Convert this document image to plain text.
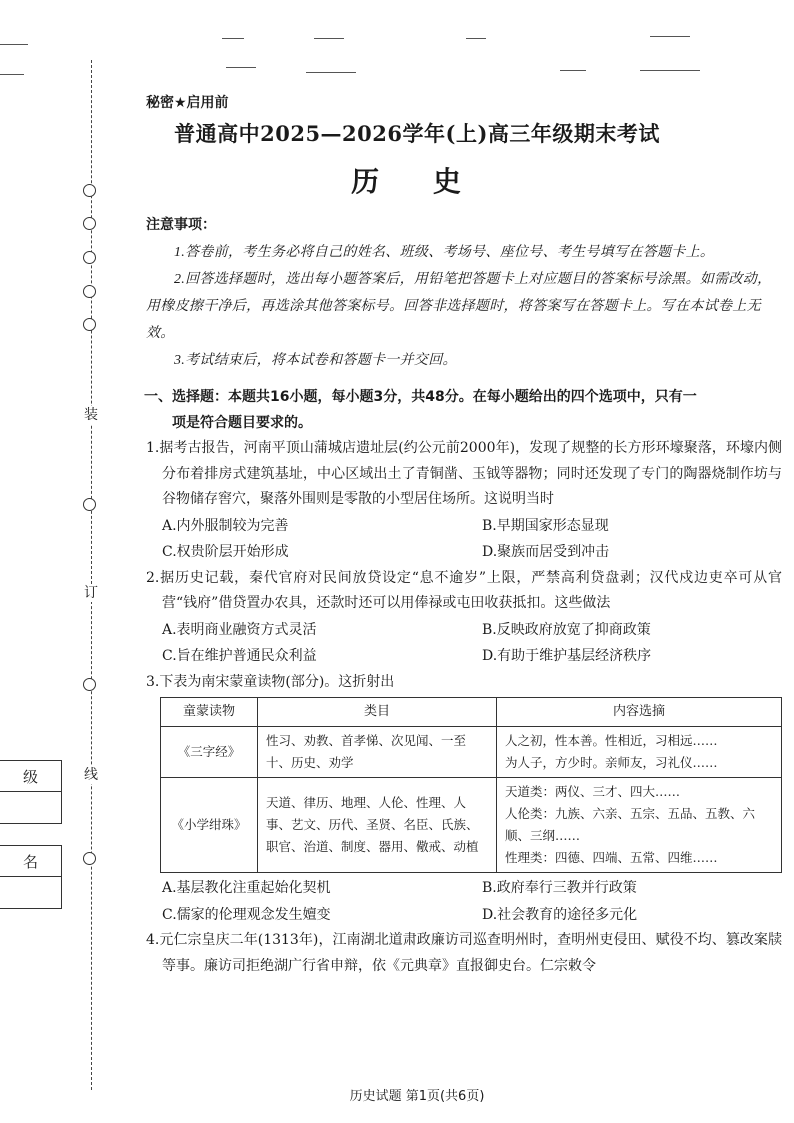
装
订
线
级
名
秘密★启用前
普通高中2025—2026学年(上)高三年级期末考试
历 史
注意事项：

1.答卷前，考生务必将自己的姓名、班级、考场号、座位号、考生号填写在答题卡上。

2.回答选择题时，选出每小题答案后，用铅笔把答题卡上对应题目的答案标号涂黑。如需改动，用橡皮擦干净后，再选涂其他答案标号。回答非选择题时，将答案写在答题卡上。写在本试卷上无效。

3.考试结束后，将本试卷和答题卡一并交回。

一、选择题：本题共16小题，每小题3分，共48分。在每小题给出的四个选项中，只有一
项是符合题目要求的。
1.据考古报告，河南平顶山蒲城店遗址层(约公元前2000年)，发现了规整的长方形环壕聚落，环壕内侧分布着排房式建筑基址，中心区域出土了青铜凿、玉钺等器物；同时还发现了专门的陶器烧制作坊与谷物储存窖穴，聚落外围则是零散的小型居住场所。这说明当时
A.内外服制较为完善	B.早期国家形态显现
C.权贵阶层开始形成	D.聚族而居受到冲击
2.据历史记载，秦代官府对民间放贷设定“息不逾岁”上限，严禁高利贷盘剥；汉代戍边吏卒可从官营“钱府”借贷置办农具，还款时还可以用俸禄或屯田收获抵扣。这些做法
A.表明商业融资方式灵活	B.反映政府放宽了抑商政策
C.旨在维护普通民众利益	D.有助于维护基层经济秩序
3.下表为南宋蒙童读物(部分)。这折射出
童蒙读物	类目	内容选摘
《三字经》	性习、劝教、首孝悌、次见闻、一至十、历史、劝学	人之初，性本善。性相近，习相远……
为人子，方少时。亲师友，习礼仪……

《小学绀珠》	天道、律历、地理、人伦、性理、人事、艺文、历代、圣贤、名臣、氏族、职官、治道、制度、器用、儆戒、动植	天道类：两仪、三才、四大……
人伦类：九族、六亲、五宗、五品、五教、六顺、三纲……
性理类：四德、四端、五常、四维……
A.基层教化注重起始化契机	B.政府奉行三教并行政策
C.儒家的伦理观念发生嬗变	D.社会教育的途径多元化
4.元仁宗皇庆二年(1313年)，江南湖北道肃政廉访司巡查明州时，查明州吏侵田、赋役不均、篡改案牍等事。廉访司拒绝湖广行省申辩，依《元典章》直报御史台。仁宗敕令
历史试题 第1页(共6页)
